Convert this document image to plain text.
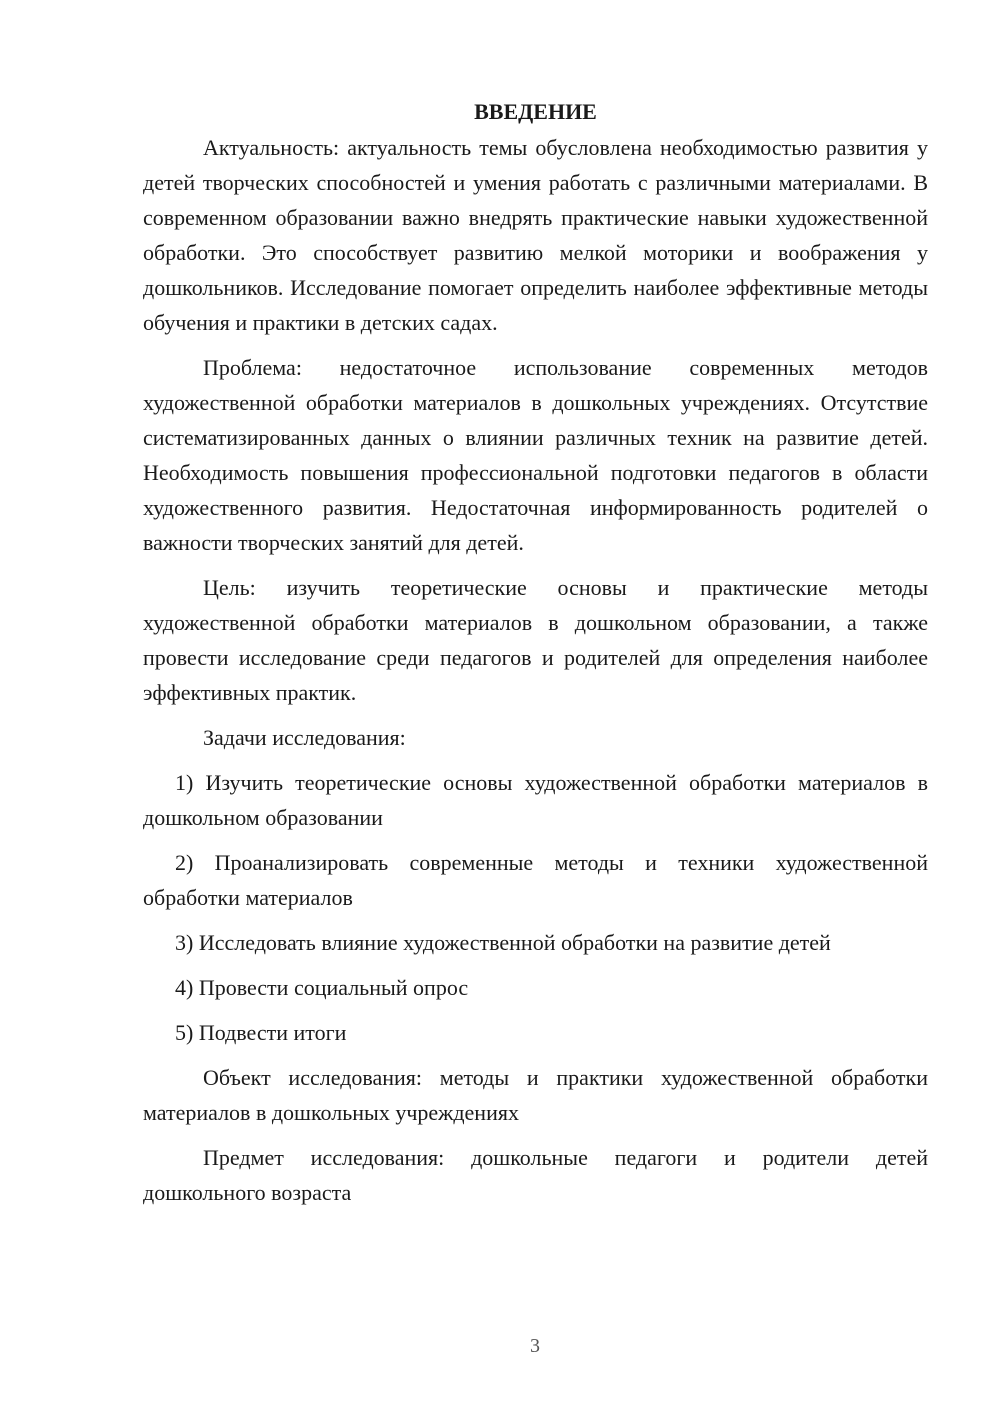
ВВЕДЕНИЕ

Актуальность: актуальность темы обусловлена необходимостью развития у детей творческих способностей и умения работать с различными материалами. В современном образовании важно внедрять практические навыки художественной обработки. Это способствует развитию мелкой моторики и воображения у дошкольников. Исследование помогает определить наиболее эффективные методы обучения и практики в детских садах.

Проблема: недостаточное использование современных методов художественной обработки материалов в дошкольных учреждениях. Отсутствие систематизированных данных о влиянии различных техник на развитие детей. Необходимость повышения профессиональной подготовки педагогов в области художественного развития. Недостаточная информированность родителей о важности творческих занятий для детей.

Цель: изучить теоретические основы и практические методы художественной обработки материалов в дошкольном образовании, а также провести исследование среди педагогов и родителей для определения наиболее эффективных практик.

Задачи исследования:

1) Изучить теоретические основы художественной обработки материалов в дошкольном образовании

2) Проанализировать современные методы и техники художественной обработки материалов

3) Исследовать влияние художественной обработки на развитие детей

4) Провести социальный опрос

5) Подвести итоги

Объект исследования: методы и практики художественной обработки материалов в дошкольных учреждениях

Предмет исследования: дошкольные педагоги и родители детей дошкольного возраста

3
